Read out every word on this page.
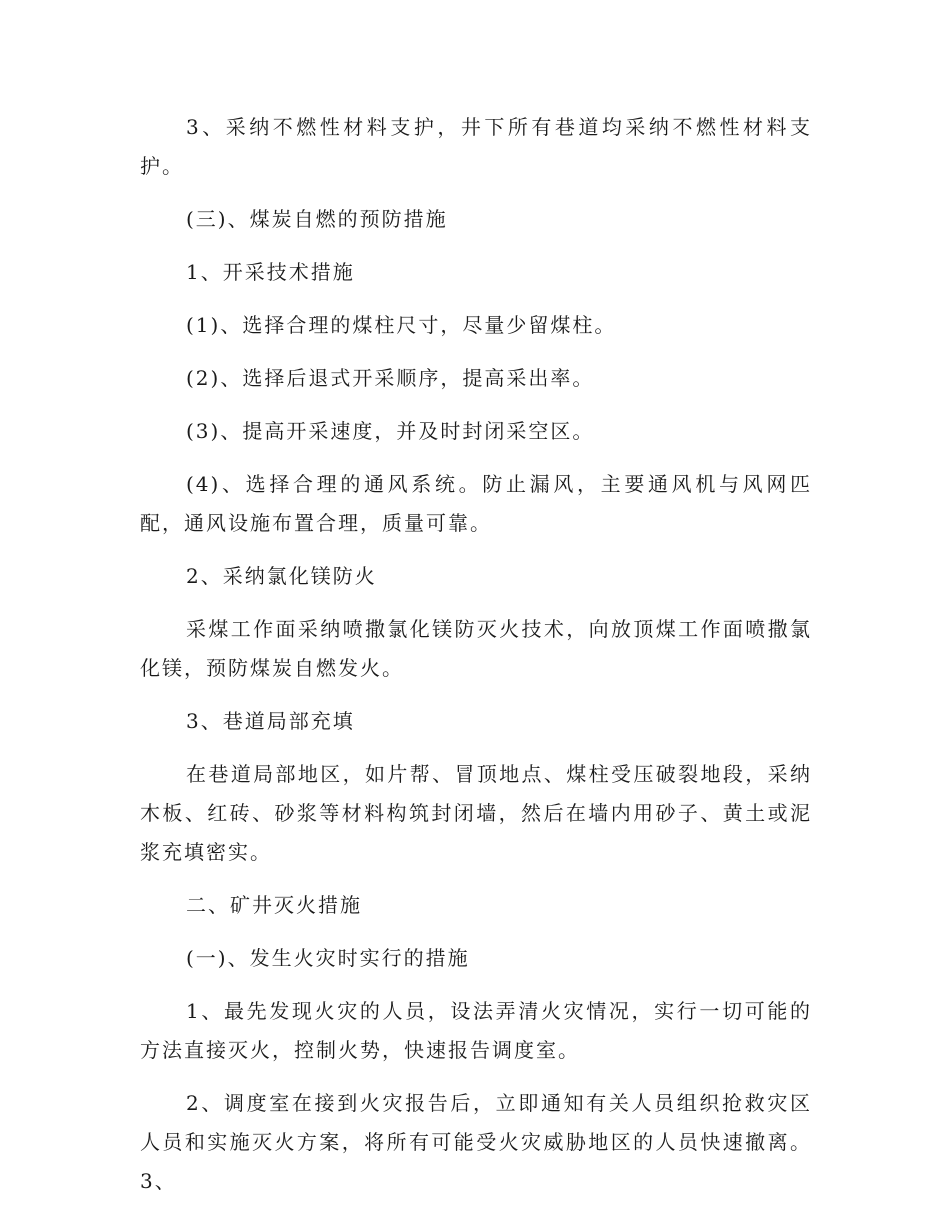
3、采纳不燃性材料支护，井下所有巷道均采纳不燃性材料支护。

(三)、煤炭自燃的预防措施

1、开采技术措施

(1)、选择合理的煤柱尺寸，尽量少留煤柱。

(2)、选择后退式开采顺序，提高采出率。

(3)、提高开采速度，并及时封闭采空区。

(4)、选择合理的通风系统。防止漏风，主要通风机与风网匹配，通风设施布置合理，质量可靠。

2、采纳氯化镁防火

采煤工作面采纳喷撒氯化镁防灭火技术，向放顶煤工作面喷撒氯化镁，预防煤炭自燃发火。

3、巷道局部充填

在巷道局部地区，如片帮、冒顶地点、煤柱受压破裂地段，采纳木板、红砖、砂浆等材料构筑封闭墙，然后在墙内用砂子、黄土或泥浆充填密实。

二、矿井灭火措施

(一)、发生火灾时实行的措施

1、最先发现火灾的人员，设法弄清火灾情况，实行一切可能的方法直接灭火，控制火势，快速报告调度室。

2、调度室在接到火灾报告后，立即通知有关人员组织抢救灾区人员和实施灭火方案，将所有可能受火灾威胁地区的人员快速撤离。3、
